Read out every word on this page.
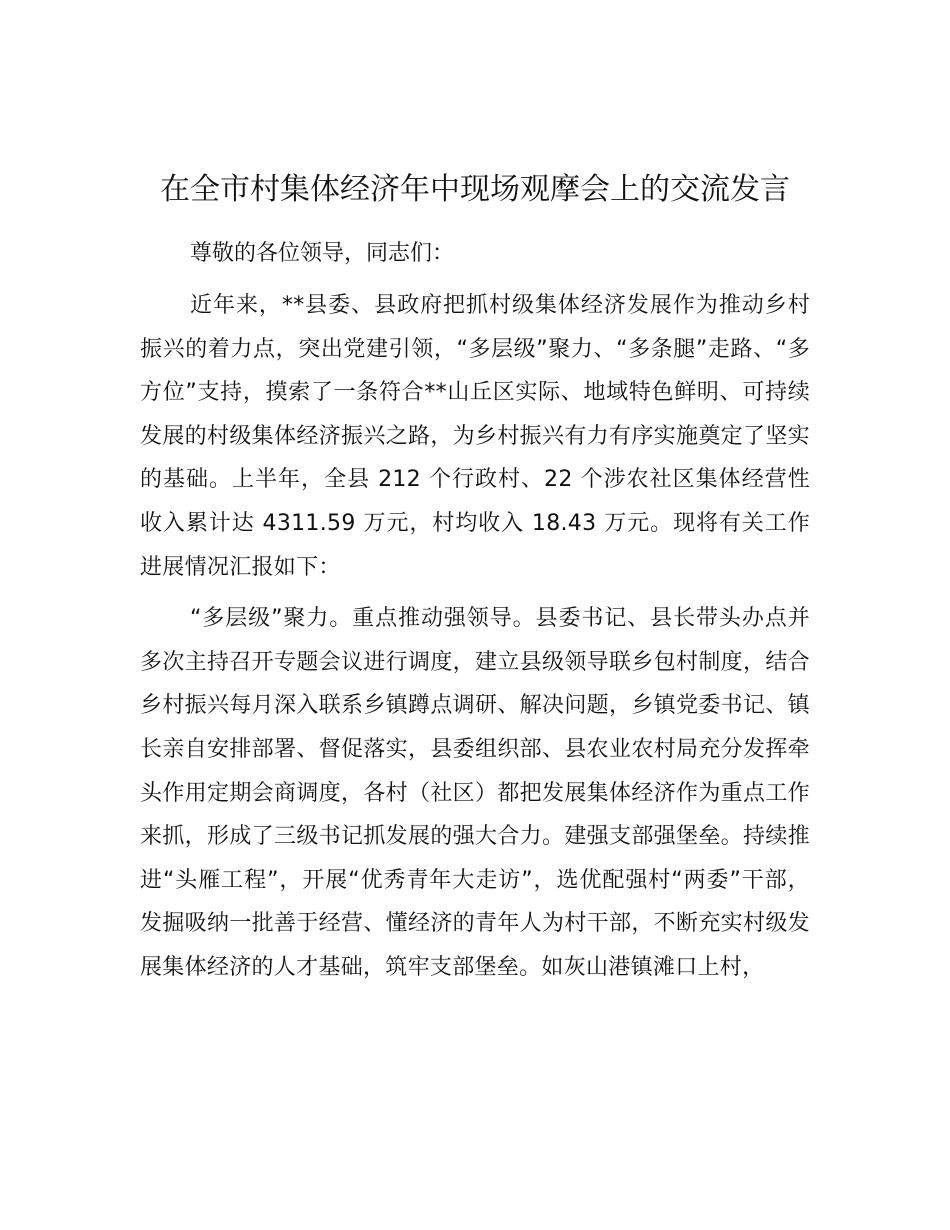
在全市村集体经济年中现场观摩会上的交流发言

尊敬的各位领导，同志们：

近年来，**县委、县政府把抓村级集体经济发展作为推动乡村振兴的着力点，突出党建引领，“多层级”聚力、“多条腿”走路、“多方位”支持，摸索了一条符合**山丘区实际、地域特色鲜明、可持续发展的村级集体经济振兴之路，为乡村振兴有力有序实施奠定了坚实的基础。上半年，全县 212 个行政村、22 个涉农社区集体经营性收入累计达 4311.59 万元，村均收入 18.43 万元。现将有关工作进展情况汇报如下：

“多层级”聚力。重点推动强领导。县委书记、县长带头办点并多次主持召开专题会议进行调度，建立县级领导联乡包村制度，结合乡村振兴每月深入联系乡镇蹲点调研、解决问题，乡镇党委书记、镇长亲自安排部署、督促落实，县委组织部、县农业农村局充分发挥牵头作用定期会商调度，各村（社区）都把发展集体经济作为重点工作来抓，形成了三级书记抓发展的强大合力。建强支部强堡垒。持续推进“头雁工程”，开展“优秀青年大走访”，选优配强村“两委”干部，发掘吸纳一批善于经营、懂经济的青年人为村干部，不断充实村级发展集体经济的人才基础，筑牢支部堡垒。如灰山港镇滩口上村，
